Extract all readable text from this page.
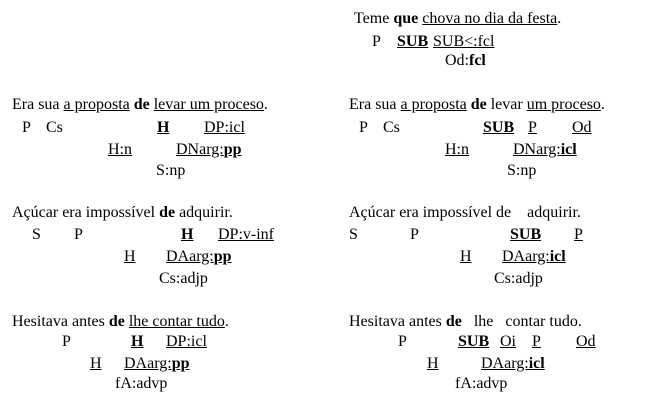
Teme que chova no dia da festa.
P SUB SUB<:fcl
Od:fcl
Era sua a proposta de levar um proceso.
P Cs	H	DP:icl
H:n	DNarg:pp
S:np
Era sua a proposta de levar um proceso.
P Cs	SUB P	Od
H:n	DNarg:icl
S:np
Açúcar era impossível de adquirir.
S P	H	DP:v-inf
H	DAarg:pp
Cs:adjp
Açúcar era impossível de    adquirir.
S	P	SUB	P
H	DAarg:icl
Cs:adjp
Hesitava antes de lhe contar tudo.
P	H	DP:icl
H	DAarg:pp
fA:advp
Hesitava antes de   lhe   contar tudo.
P	SUB Oi	P	Od
H	DAarg:icl
fA:advp
